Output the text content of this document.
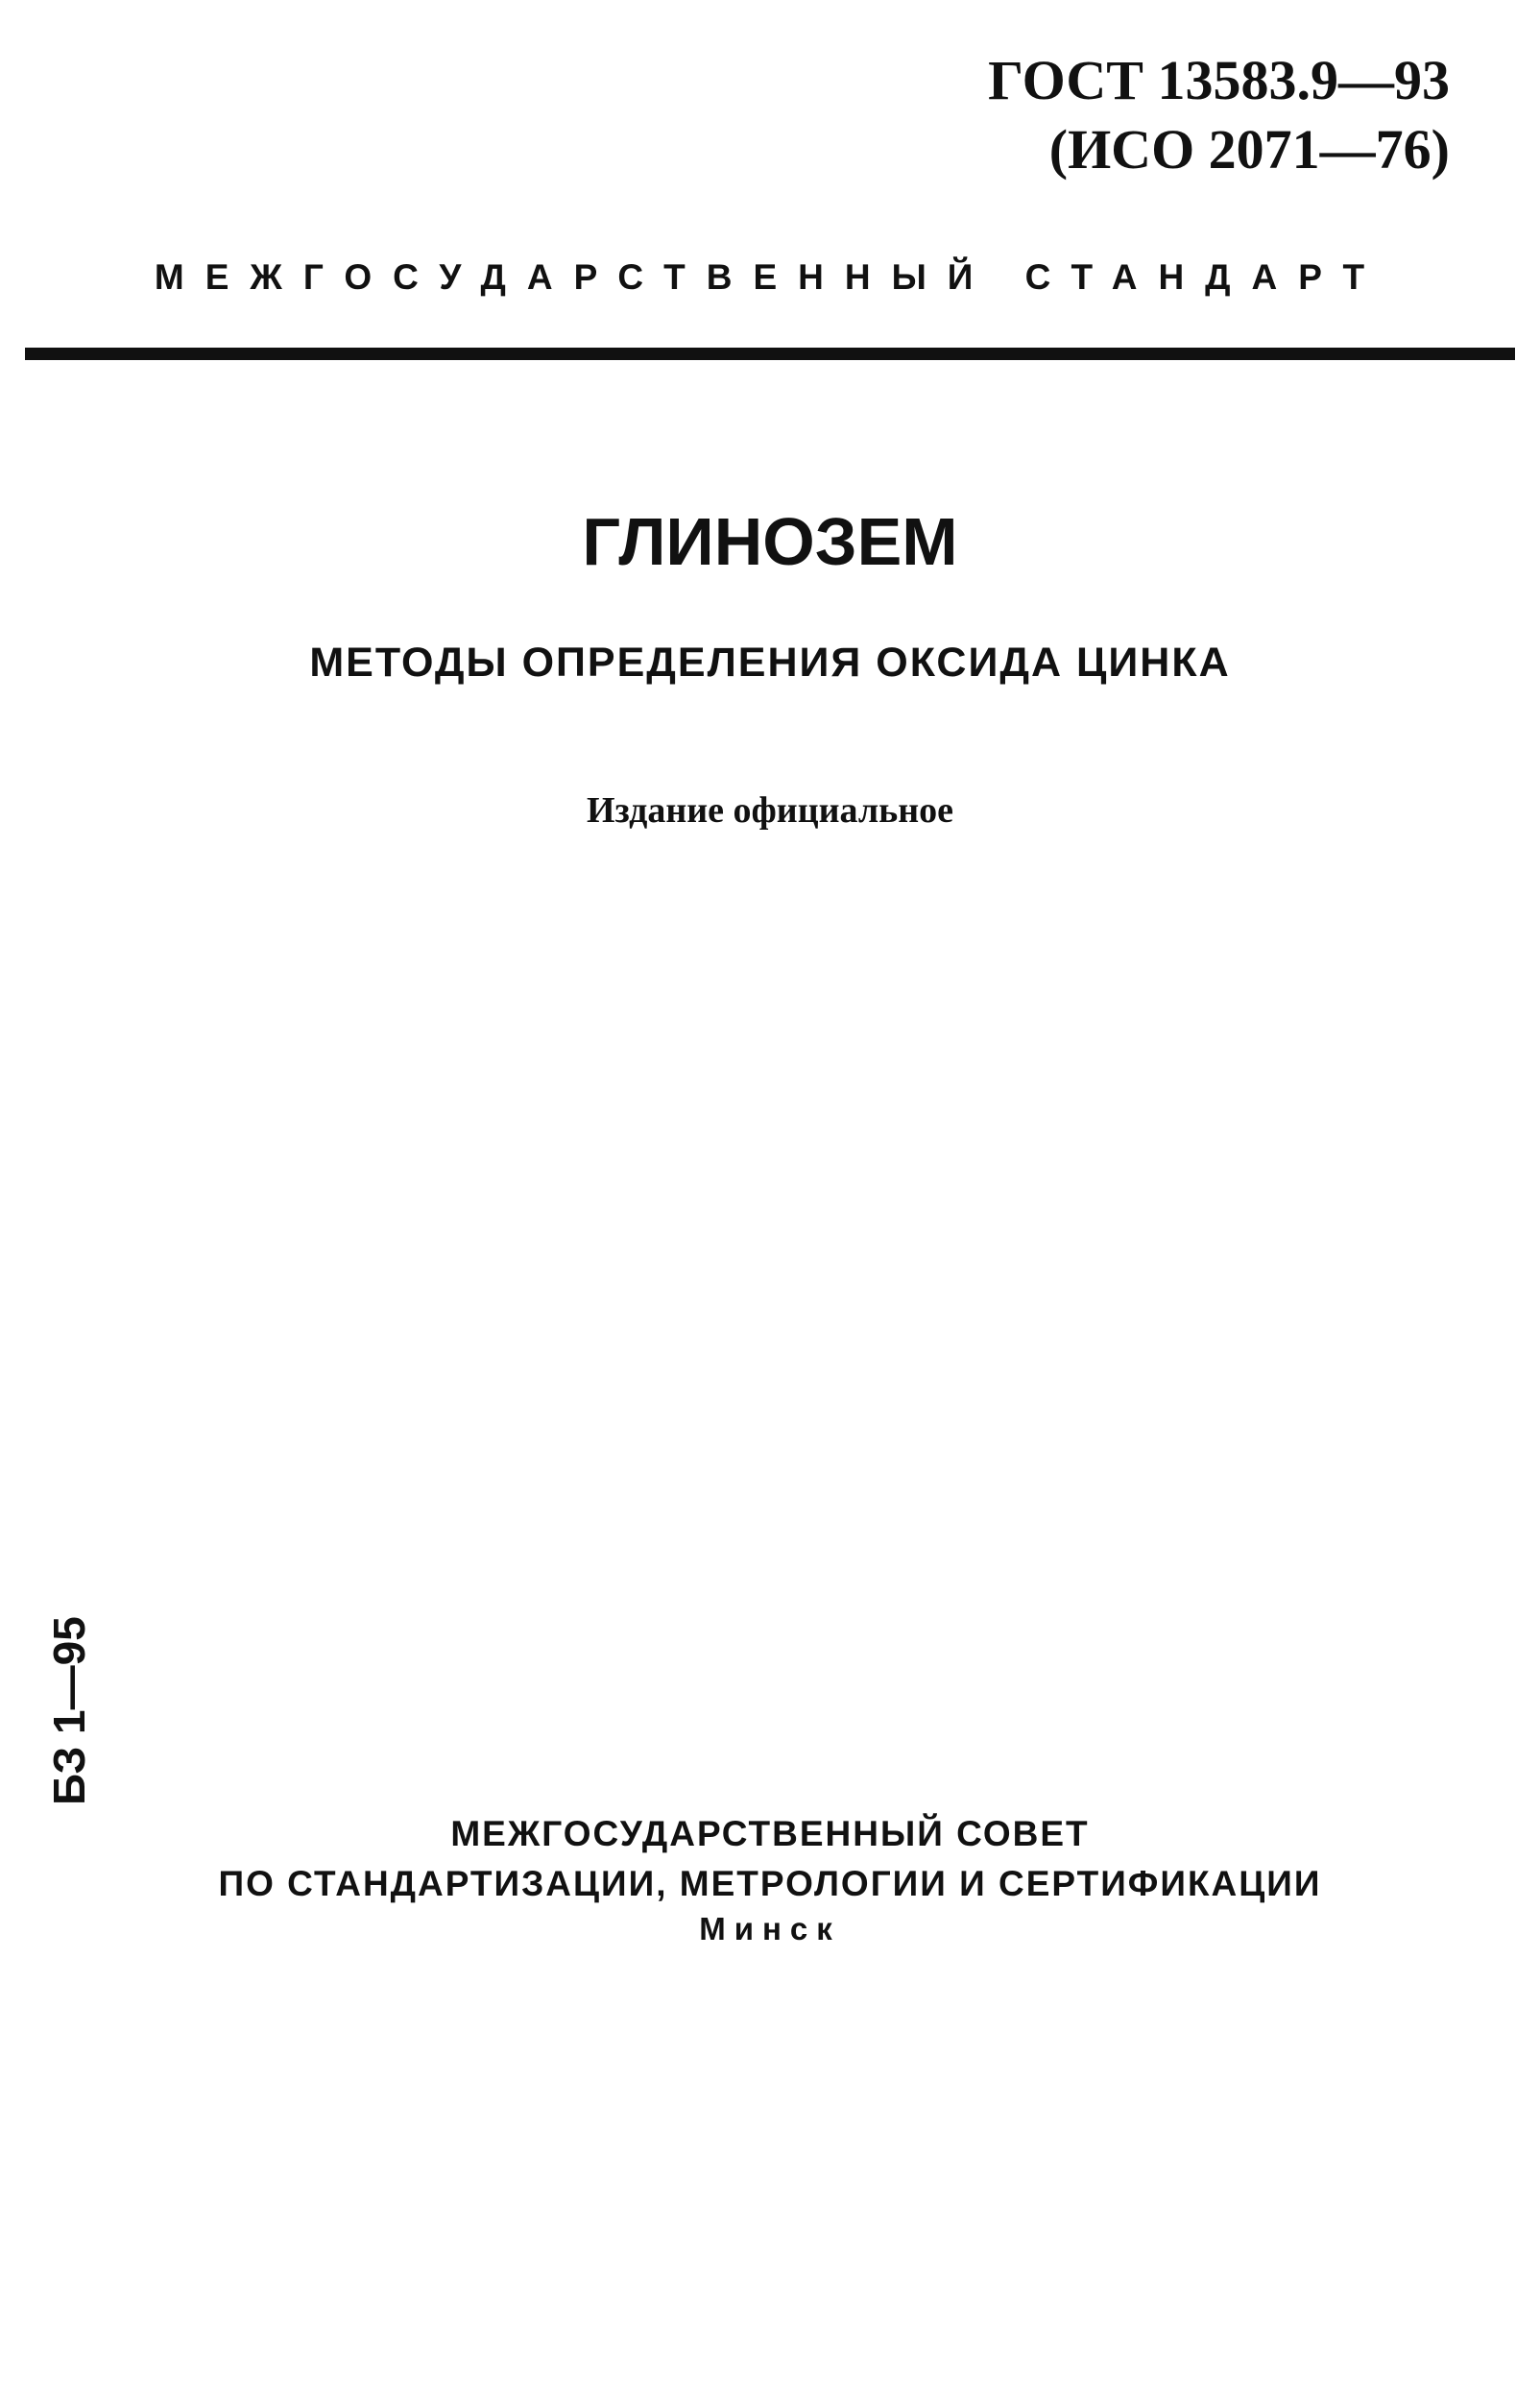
ГОСТ 13583.9—93
(ИСО 2071—76)
МЕЖГОСУДАРСТВЕННЫЙ СТАНДАРТ
ГЛИНОЗЕМ
МЕТОДЫ ОПРЕДЕЛЕНИЯ ОКСИДА ЦИНКА
Издание официальное
БЗ 1—95
МЕЖГОСУДАРСТВЕННЫЙ СОВЕТ
ПО СТАНДАРТИЗАЦИИ, МЕТРОЛОГИИ И СЕРТИФИКАЦИИ
Минск
